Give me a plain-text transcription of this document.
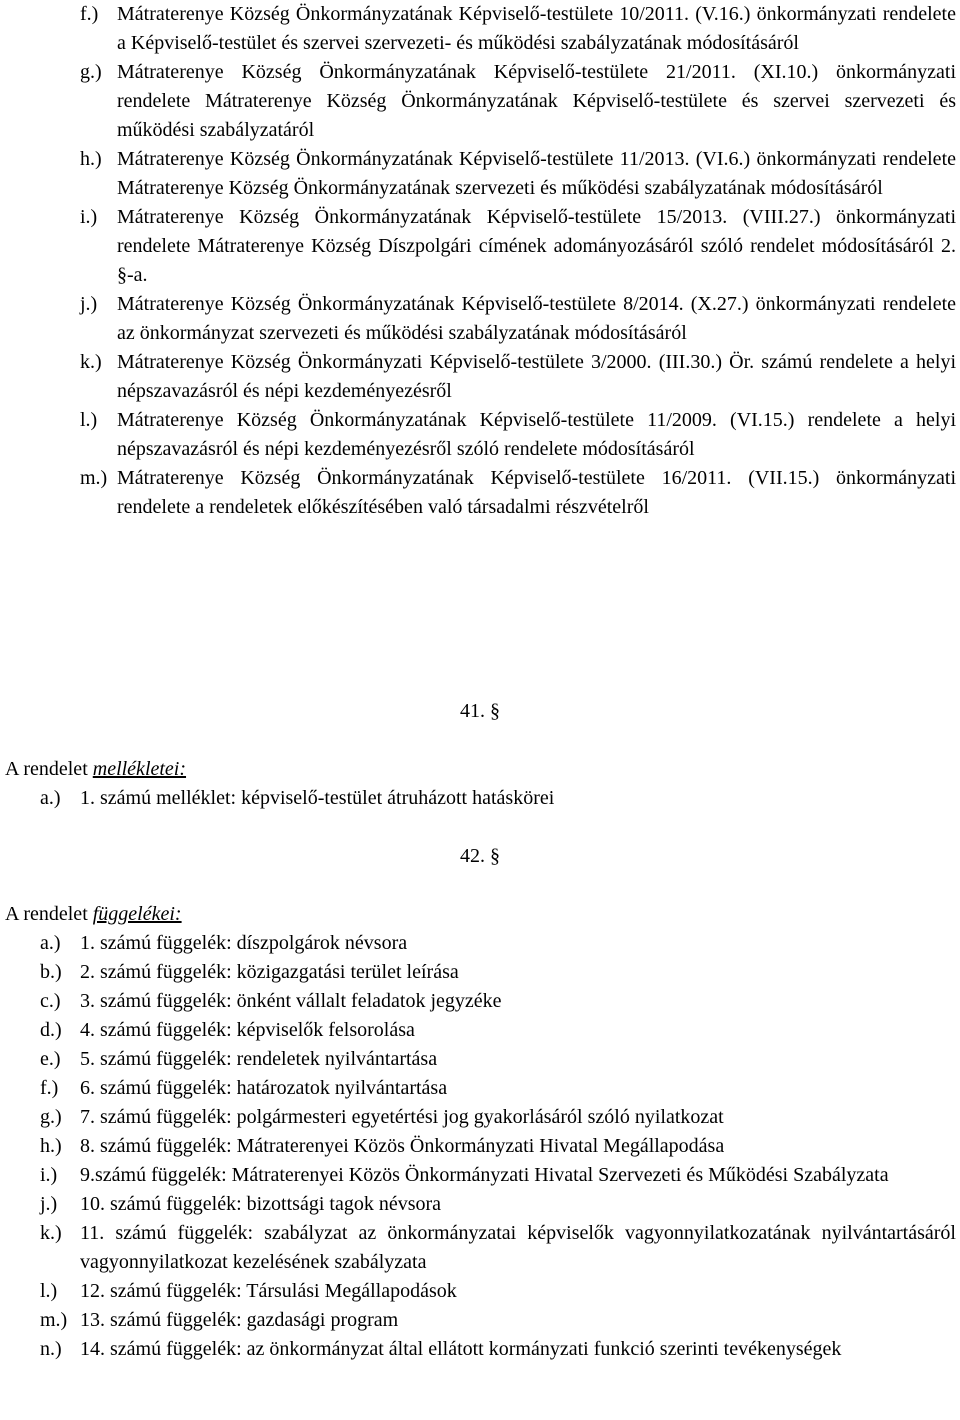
f.) Mátraterenye Község Önkormányzatának Képviselő-testülete 10/2011. (V.16.) önkormányzati rendelete a Képviselő-testület és szervei szervezeti- és működési szabályzatának módosításáról
g.) Mátraterenye Község Önkormányzatának Képviselő-testülete 21/2011. (XI.10.) önkormányzati rendelete Mátraterenye Község Önkormányzatának Képviselő-testülete és szervei szervezeti és működési szabályzatáról
h.) Mátraterenye Község Önkormányzatának Képviselő-testülete 11/2013. (VI.6.) önkormányzati rendelete Mátraterenye Község Önkormányzatának szervezeti és működési szabályzatának módosításáról
i.) Mátraterenye Község Önkormányzatának Képviselő-testülete 15/2013. (VIII.27.) önkormányzati rendelete Mátraterenye Község Díszpolgári címének adományozásáról szóló rendelet módosításáról 2. §-a.
j.) Mátraterenye Község Önkormányzatának Képviselő-testülete 8/2014. (X.27.) önkormányzati rendelete az önkormányzat szervezeti és működési szabályzatának módosításáról
k.) Mátraterenye Község Önkormányzati Képviselő-testülete 3/2000. (III.30.) Ör. számú rendelete a helyi népszavazásról és népi kezdeményezésről
l.) Mátraterenye Község Önkormányzatának Képviselő-testülete 11/2009. (VI.15.) rendelete a helyi népszavazásról és népi kezdeményezésről szóló rendelete módosításáról
m.) Mátraterenye Község Önkormányzatának Képviselő-testülete 16/2011. (VII.15.) önkormányzati rendelete a rendeletek előkészítésében való társadalmi részvételről
41. §
A rendelet mellékletei:
a.) 1. számú melléklet: képviselő-testület átruházott hatáskörei
42. §
A rendelet függelékei:
a.) 1. számú függelék: díszpolgárok névsora
b.) 2. számú függelék: közigazgatási terület leírása
c.) 3. számú függelék: önként vállalt feladatok jegyzéke
d.) 4. számú függelék: képviselők felsorolása
e.) 5. számú függelék: rendeletek nyilvántartása
f.)	6. számú függelék: határozatok nyilvántartása
g.) 7. számú függelék: polgármesteri egyetértési jog gyakorlásáról szóló nyilatkozat
h.) 8. számú függelék: Mátraterenyei Közös Önkormányzati Hivatal Megállapodása
i.)	9.számú függelék: Mátraterenyei Közös Önkormányzati Hivatal Szervezeti és Működési Szabályzata
j.)	10. számú függelék: bizottsági tagok névsora
k.) 11. számú függelék: szabályzat az önkormányzatai képviselők vagyonnyilatkozatának nyilvántartásáról vagyonnyilatkozat kezelésének szabályzata
l.)	12. számú függelék: Társulási Megállapodások
m.) 13. számú függelék: gazdasági program
n.) 14. számú függelék: az önkormányzat által ellátott kormányzati funkció szerinti tevékenységek
